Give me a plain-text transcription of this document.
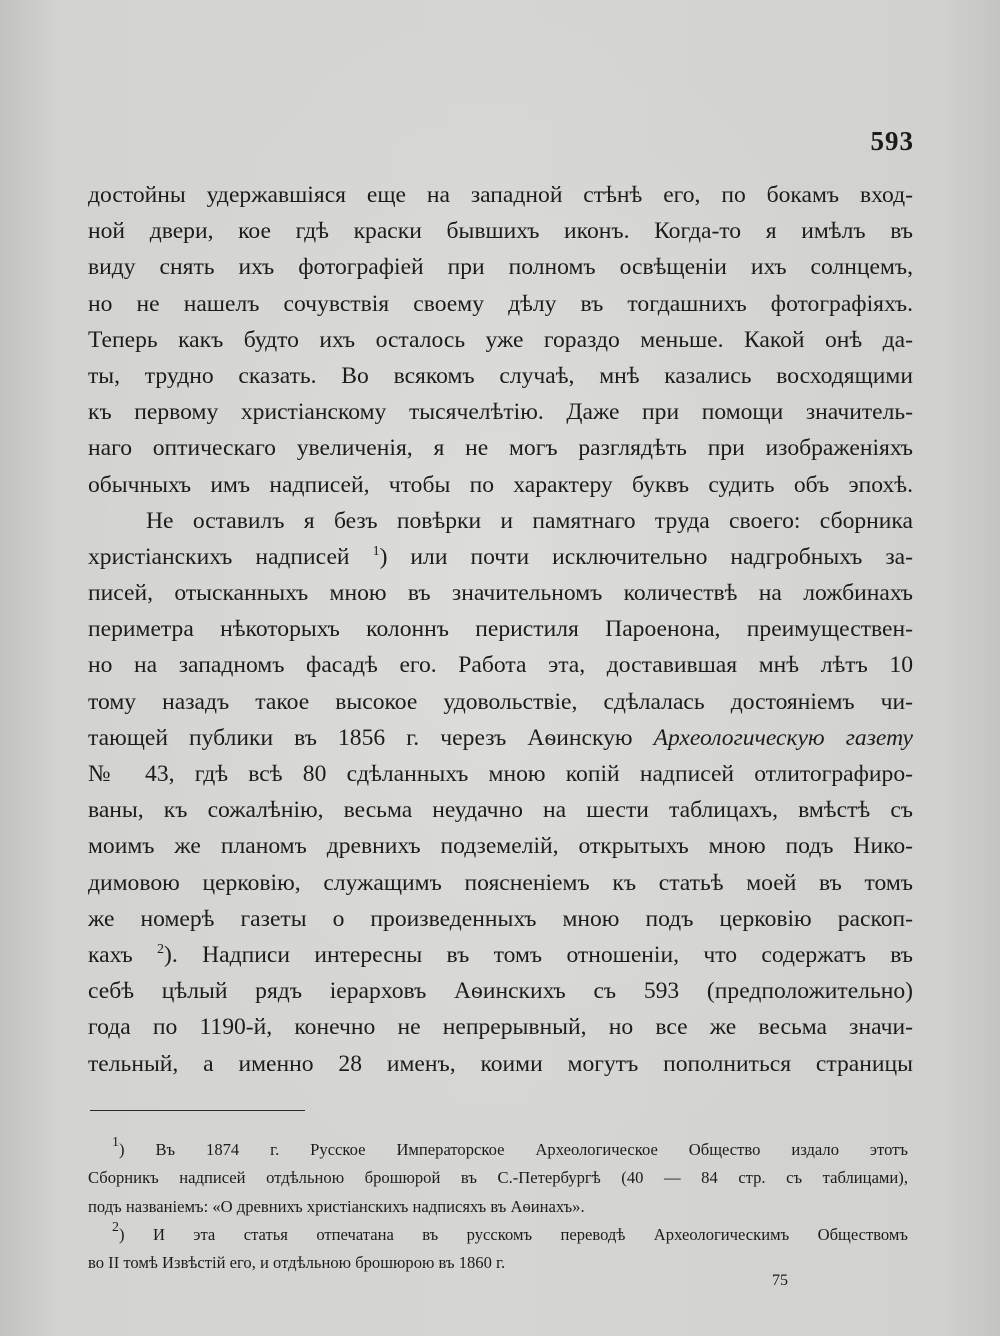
593
достойны удержавшіяся еще на западной стѣнѣ его, по бокамъ вход-
ной двери, кое гдѣ краски бывшихъ иконъ. Когда-то я имѣлъ въ
виду снять ихъ фотографіей при полномъ освѣщеніи ихъ солнцемъ,
но не нашелъ сочувствія своему дѣлу въ тогдашнихъ фотографіяхъ.
Теперь какъ будто ихъ осталось уже гораздо меньше. Какой онѣ да-
ты, трудно сказать. Во всякомъ случаѣ, мнѣ казались восходящими
къ первому христіанскому тысячелѣтію. Даже при помощи значитель-
наго оптическаго увеличенія, я не могъ разглядѣть при изображеніяхъ
обычныхъ имъ надписей, чтобы по характеру буквъ судить объ эпохѣ.
Не оставилъ я безъ повѣрки и памятнаго труда своего: сборника
христіанскихъ надписей $^1$) или почти исключительно надгробныхъ за-
писей, отысканныхъ мною въ значительномъ количествѣ на ложбинахъ
периметра нѣкоторыхъ колоннъ перистиля Пароенона, преимуществен-
но на западномъ фасадѣ его. Работа эта, доставившая мнѣ лѣтъ 10
тому назадъ такое высокое удовольствіе, сдѣлалась достояніемъ чи-
тающей публики въ 1856 г. черезъ Аѳинскую Археологическую газету
№ 43, гдѣ всѣ 80 сдѣланныхъ мною копій надписей отлитографиро-
ваны, къ сожалѣнію, весьма неудачно на шести таблицахъ, вмѣстѣ съ
моимъ же планомъ древнихъ подземелій, открытыхъ мною подъ Нико-
димовою церковію, служащимъ поясненіемъ къ статьѣ моей въ томъ
же номерѣ газеты о произведенныхъ мною подъ церковію раскоп-
кахъ $^2$). Надписи интересны въ томъ отношеніи, что содержатъ въ
себѣ цѣлый рядъ іерарховъ Аѳинскихъ съ 593 (предположительно)
года по 1190-й, конечно не непрерывный, но все же весьма значи-
тельный, а именно 28 именъ, коими могутъ пополниться страницы
$^1$) Въ 1874 г. Русское Императорское Археологическое Общество издало этотъ
Сборникъ надписей отдѣльною брошюрой въ С.-Петербургѣ (40 — 84 стр. съ таблицами),
подъ названіемъ: «О древнихъ христіанскихъ надписяхъ въ Аѳинахъ».
$^2$) И эта статья отпечатана въ русскомъ переводѣ Археологическимъ Обществомъ
во II томѣ Извѣстій его, и отдѣльною брошюрою въ 1860 г.
75
